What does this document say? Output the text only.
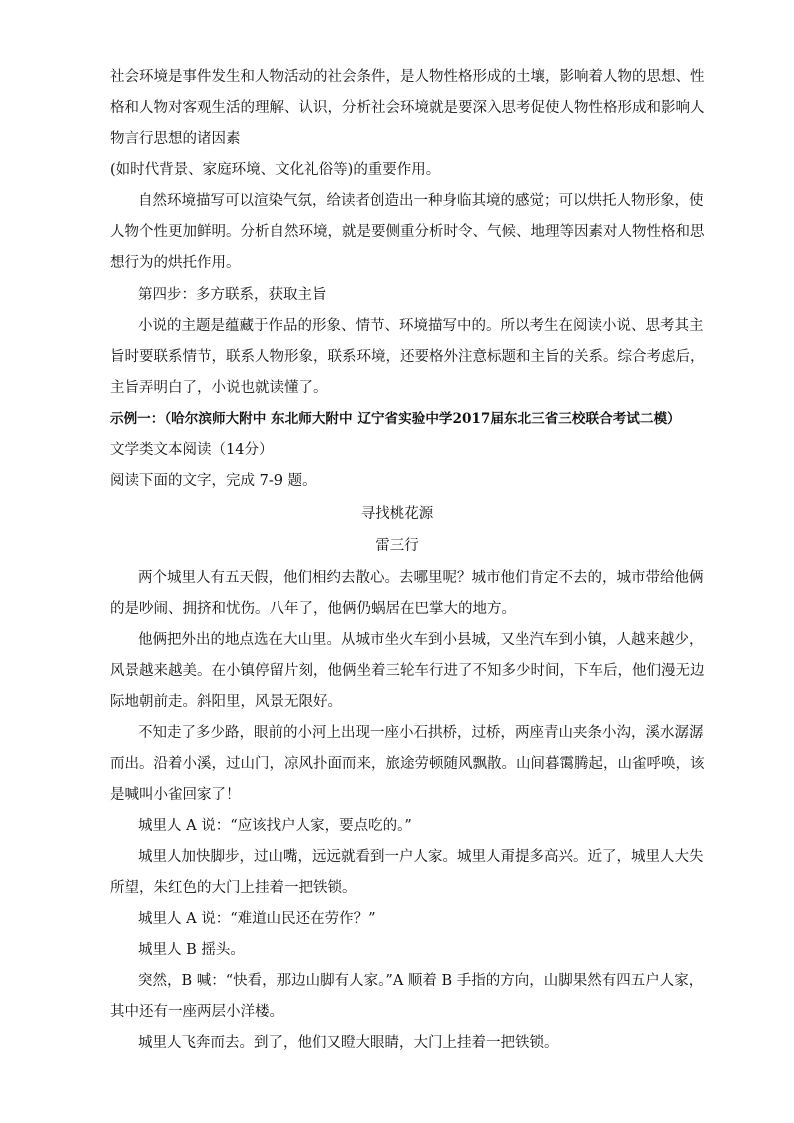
社会环境是事件发生和人物活动的社会条件，是人物性格形成的土壤，影响着人物的思想、性
格和人物对客观生活的理解、认识，分析社会环境就是要深入思考促使人物性格形成和影响人
物言行思想的诸因素
(如时代背景、家庭环境、文化礼俗等)的重要作用。
自然环境描写可以渲染气氛，给读者创造出一种身临其境的感觉；可以烘托人物形象，使
人物个性更加鲜明。分析自然环境，就是要侧重分析时令、气候、地理等因素对人物性格和思
想行为的烘托作用。
第四步：多方联系，获取主旨
小说的主题是蕴藏于作品的形象、情节、环境描写中的。所以考生在阅读小说、思考其主
旨时要联系情节，联系人物形象，联系环境，还要格外注意标题和主旨的关系。综合考虑后，
主旨弄明白了，小说也就读懂了。
示例一：（哈尔滨师大附中 东北师大附中 辽宁省实验中学2017届东北三省三校联合考试二模）
文学类文本阅读（14分）
阅读下面的文字，完成 7-9 题。
寻找桃花源
雷三行
两个城里人有五天假，他们相约去散心。去哪里呢？城市他们肯定不去的，城市带给他俩
的是吵闹、拥挤和忧伤。八年了，他俩仍蜗居在巴掌大的地方。
他俩把外出的地点选在大山里。从城市坐火车到小县城，又坐汽车到小镇，人越来越少，
风景越来越美。在小镇停留片刻，他俩坐着三轮车行进了不知多少时间，下车后，他们漫无边
际地朝前走。斜阳里，风景无限好。
不知走了多少路，眼前的小河上出现一座小石拱桥，过桥，两座青山夹条小沟，溪水潺潺
而出。沿着小溪，过山门，凉风扑面而来，旅途劳顿随风飘散。山间暮霭腾起，山雀呼唤，该
是喊叫小雀回家了！
城里人 A 说：“应该找户人家，要点吃的。”
城里人加快脚步，过山嘴，远远就看到一户人家。城里人甭提多高兴。近了，城里人大失
所望，朱红色的大门上挂着一把铁锁。
城里人 A 说：“难道山民还在劳作？”
城里人 B 摇头。
突然，B 喊：“快看，那边山脚有人家。”A 顺着 B 手指的方向，山脚果然有四五户人家，
其中还有一座两层小洋楼。
城里人飞奔而去。到了，他们又瞪大眼睛，大门上挂着一把铁锁。
